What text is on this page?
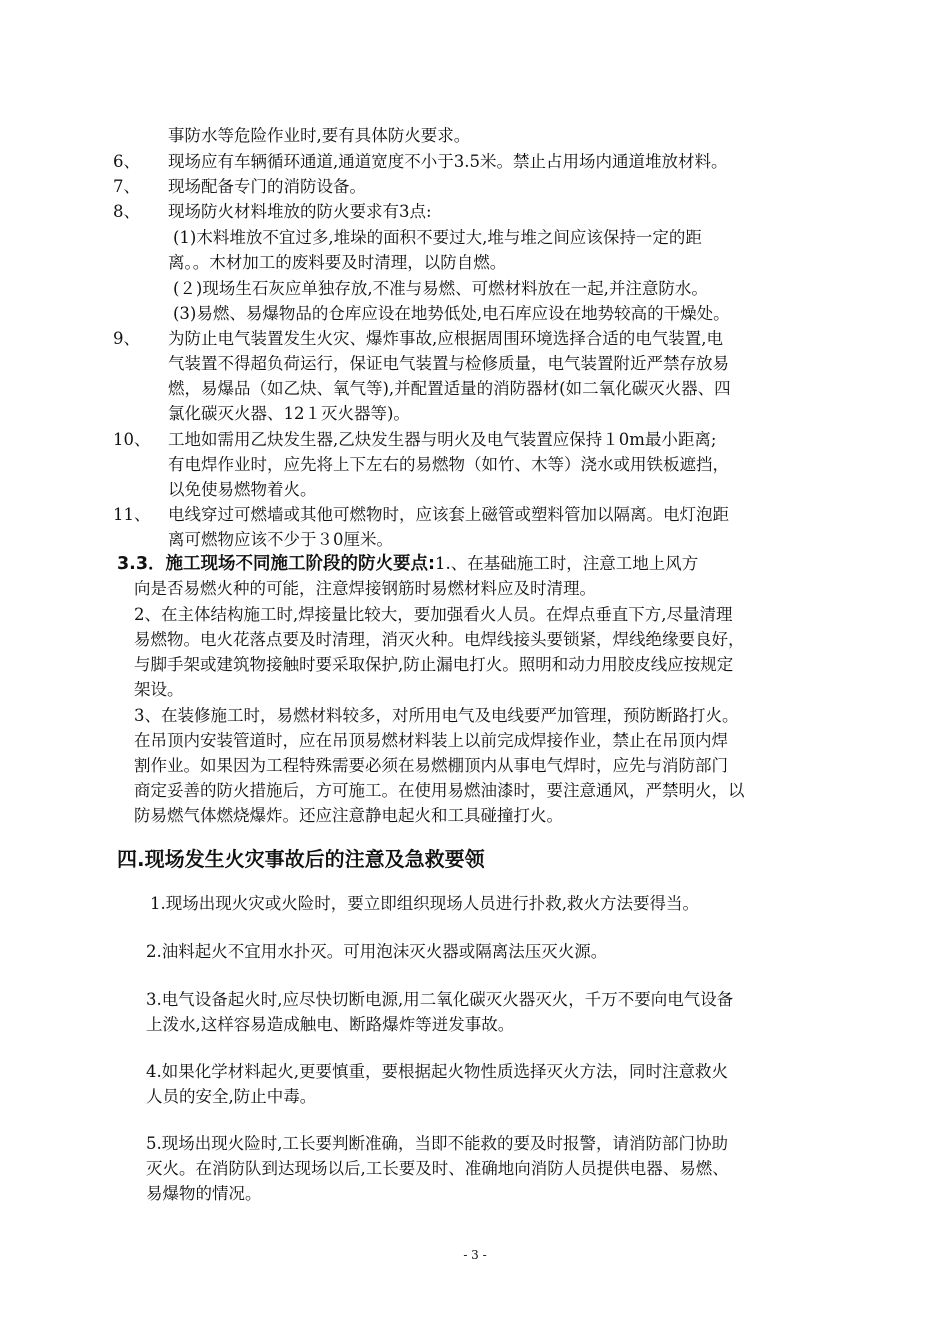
事防水等危险作业时,要有具体防火要求。
6、 现场应有车辆循环通道,通道宽度不小于3.5米。禁止占用场内通道堆放材料。
7、 现场配备专门的消防设备。
8、 现场防火材料堆放的防火要求有3点:
(1)木料堆放不宜过多,堆垛的面积不要过大,堆与堆之间应该保持一定的距
离。。木材加工的废料要及时清理，以防自燃。
(２)现场生石灰应单独存放,不准与易燃、可燃材料放在一起,并注意防水。
(3)易燃、易爆物品的仓库应设在地势低处,电石库应设在地势较高的干燥处。
9、 为防止电气装置发生火灾、爆炸事故,应根据周围环境选择合适的电气装置,电
气装置不得超负荷运行，保证电气装置与检修质量，电气装置附近严禁存放易
燃，易爆品（如乙炔、氧气等),并配置适量的消防器材(如二氧化碳灭火器、四
氯化碳灭火器、12１灭火器等)。
10、 工地如需用乙炔发生器,乙炔发生器与明火及电气装置应保持１0m最小距离;
有电焊作业时，应先将上下左右的易燃物（如竹、木等）浇水或用铁板遮挡，
以免使易燃物着火。
11、 电线穿过可燃墙或其他可燃物时，应该套上磁管或塑料管加以隔离。电灯泡距
离可燃物应该不少于３0厘米。
3.3．施工现场不同施工阶段的防火要点:1.、在基础施工时，注意工地上风方
向是否易燃火种的可能，注意焊接钢筋时易燃材料应及时清理。
2、在主体结构施工时,焊接量比较大，要加强看火人员。在焊点垂直下方,尽量清理
易燃物。电火花落点要及时清理，消灭火种。电焊线接头要锁紧，焊线绝缘要良好，
与脚手架或建筑物接触时要采取保护,防止漏电打火。照明和动力用胶皮线应按规定
架设。
3、在装修施工时，易燃材料较多，对所用电气及电线要严加管理，预防断路打火。
在吊顶内安装管道时，应在吊顶易燃材料装上以前完成焊接作业，禁止在吊顶内焊
割作业。如果因为工程特殊需要必须在易燃棚顶内从事电气焊时，应先与消防部门
商定妥善的防火措施后，方可施工。在使用易燃油漆时，要注意通风，严禁明火，以
防易燃气体燃烧爆炸。还应注意静电起火和工具碰撞打火。
四.现场发生火灾事故后的注意及急救要领
1.现场出现火灾或火险时，要立即组织现场人员进行扑救,救火方法要得当。
2.油料起火不宜用水扑灭。可用泡沫灭火器或隔离法压灭火源。
3.电气设备起火时,应尽快切断电源,用二氧化碳灭火器灭火，千万不要向电气设备
上泼水,这样容易造成触电、断路爆炸等迸发事故。
4.如果化学材料起火,更要慎重，要根据起火物性质选择灭火方法，同时注意救火
人员的安全,防止中毒。
5.现场出现火险时,工长要判断准确，当即不能救的要及时报警，请消防部门协助
灭火。在消防队到达现场以后,工长要及时、准确地向消防人员提供电器、易燃、
易爆物的情况。
- 3 -
